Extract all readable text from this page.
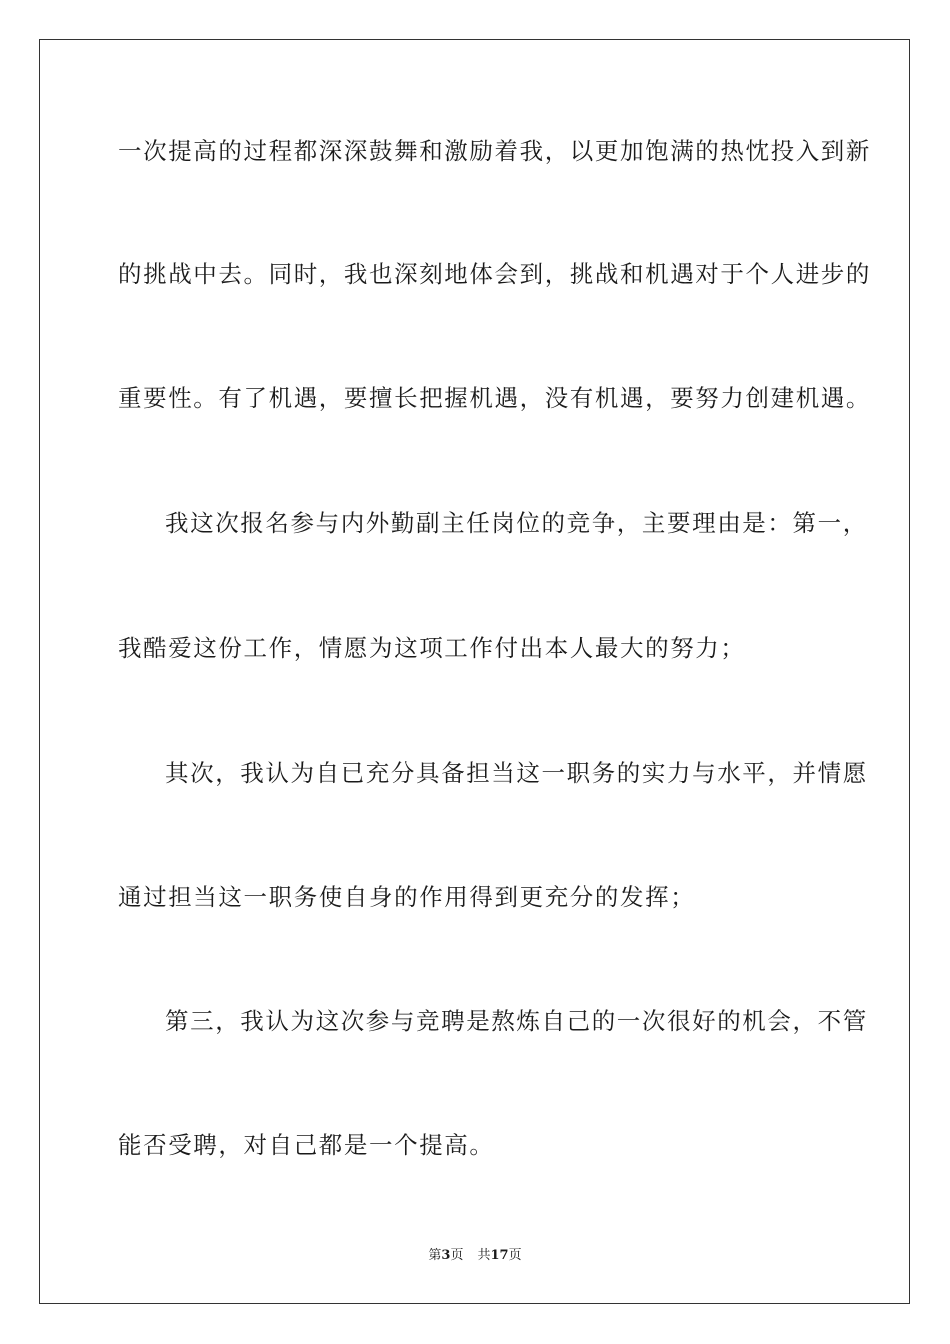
一次提高的过程都深深鼓舞和激励着我，以更加饱满的热忱投入到新
的挑战中去。同时，我也深刻地体会到，挑战和机遇对于个人进步的
重要性。有了机遇，要擅长把握机遇，没有机遇，要努力创建机遇。
我这次报名参与内外勤副主任岗位的竞争，主要理由是：第一，
我酷爱这份工作，情愿为这项工作付出本人最大的努力；
其次，我认为自已充分具备担当这一职务的实力与水平，并情愿
通过担当这一职务使自身的作用得到更充分的发挥；
第三，我认为这次参与竞聘是熬炼自己的一次很好的机会，不管
能否受聘，对自己都是一个提高。
第3页 共17页
